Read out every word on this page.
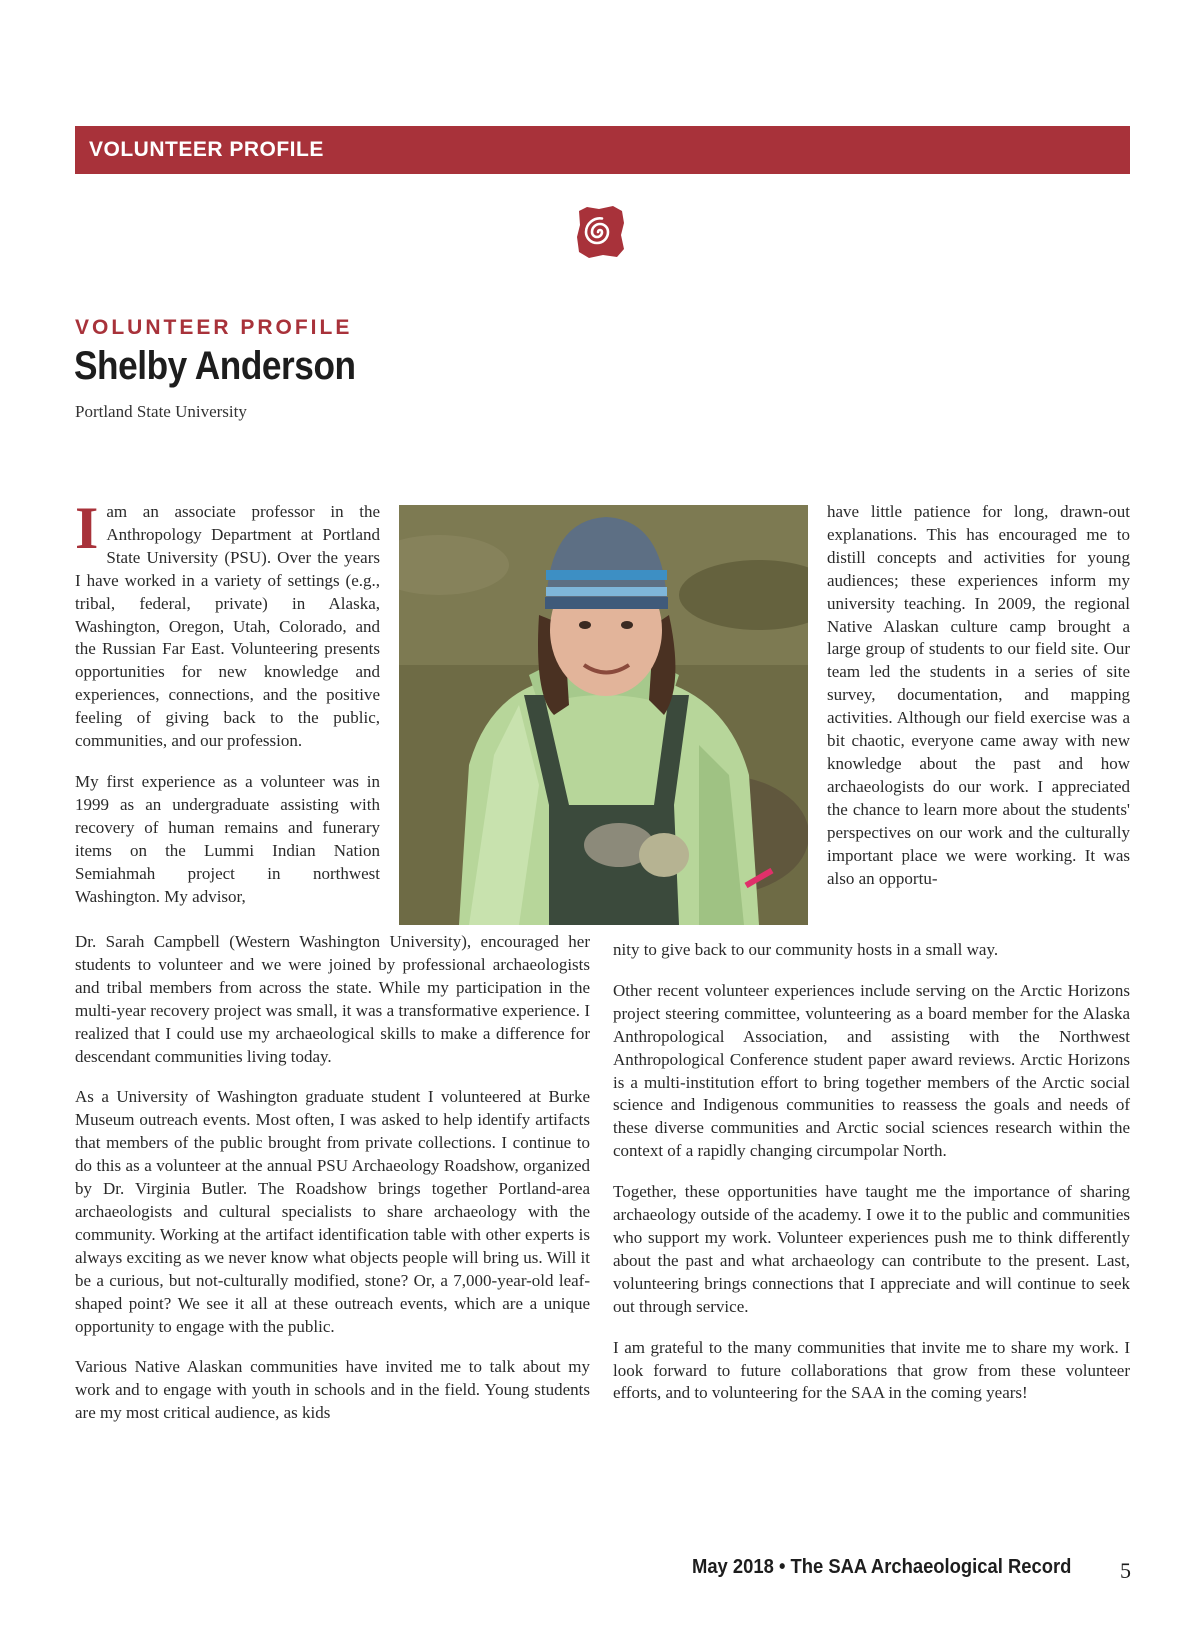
VOLUNTEER PROFILE
VOLUNTEER PROFILE
Shelby Anderson
Portland State University

Iam an associate professor in the Anthropology Department at Portland State University (PSU). Over the years I have worked in a variety of settings (e.g., tribal, federal, private) in Alaska, Washington, Oregon, Utah, Colorado, and the Russian Far East. Volunteering presents opportunities for new knowledge and experiences, connections, and the positive feeling of giving back to the public, communities, and our profession.

My first experience as a volunteer was in 1999 as an undergraduate assisting with recovery of human remains and funerary items on the Lummi Indian Nation Semiahmah project in northwest Washington. My advisor,

have little patience for long, drawn-out explanations. This has encouraged me to distill concepts and activities for young audiences; these experiences inform my university teaching. In 2009, the regional Native Alaskan culture camp brought a large group of students to our field site. Our team led the students in a series of site survey, documentation, and mapping activities. Although our field exercise was a bit chaotic, everyone came away with new knowledge about the past and how archaeologists do our work. I appreciated the chance to learn more about the students' perspectives on our work and the culturally important place we were working. It was also an opportu-

Dr. Sarah Campbell (Western Washington University), encouraged her students to volunteer and we were joined by professional archaeologists and tribal members from across the state. While my participation in the multi-year recovery project was small, it was a transformative experience. I realized that I could use my archaeological skills to make a difference for descendant communities living today.

As a University of Washington graduate student I volunteered at Burke Museum outreach events. Most often, I was asked to help identify artifacts that members of the public brought from private collections. I continue to do this as a volunteer at the annual PSU Archaeology Roadshow, organized by Dr. Virginia Butler. The Roadshow brings together Portland-area archaeologists and cultural specialists to share archaeology with the community. Working at the artifact identification table with other experts is always exciting as we never know what objects people will bring us. Will it be a curious, but not-culturally modified, stone? Or, a 7,000-year-old leaf-shaped point? We see it all at these outreach events, which are a unique opportunity to engage with the public.

Various Native Alaskan communities have invited me to talk about my work and to engage with youth in schools and in the field. Young students are my most critical audience, as kids

nity to give back to our community hosts in a small way.

Other recent volunteer experiences include serving on the Arctic Horizons project steering committee, volunteering as a board member for the Alaska Anthropological Association, and assisting with the Northwest Anthropological Conference student paper award reviews. Arctic Horizons is a multi-institution effort to bring together members of the Arctic social science and Indigenous communities to reassess the goals and needs of these diverse communities and Arctic social sciences research within the context of a rapidly changing circumpolar North.

Together, these opportunities have taught me the importance of sharing archaeology outside of the academy. I owe it to the public and communities who support my work. Volunteer experiences push me to think differently about the past and what archaeology can contribute to the present. Last, volunteering brings connections that I appreciate and will continue to seek out through service.

I am grateful to the many communities that invite me to share my work. I look forward to future collaborations that grow from these volunteer efforts, and to volunteering for the SAA in the coming years!

May 2018 • The SAA Archaeological Record 5
